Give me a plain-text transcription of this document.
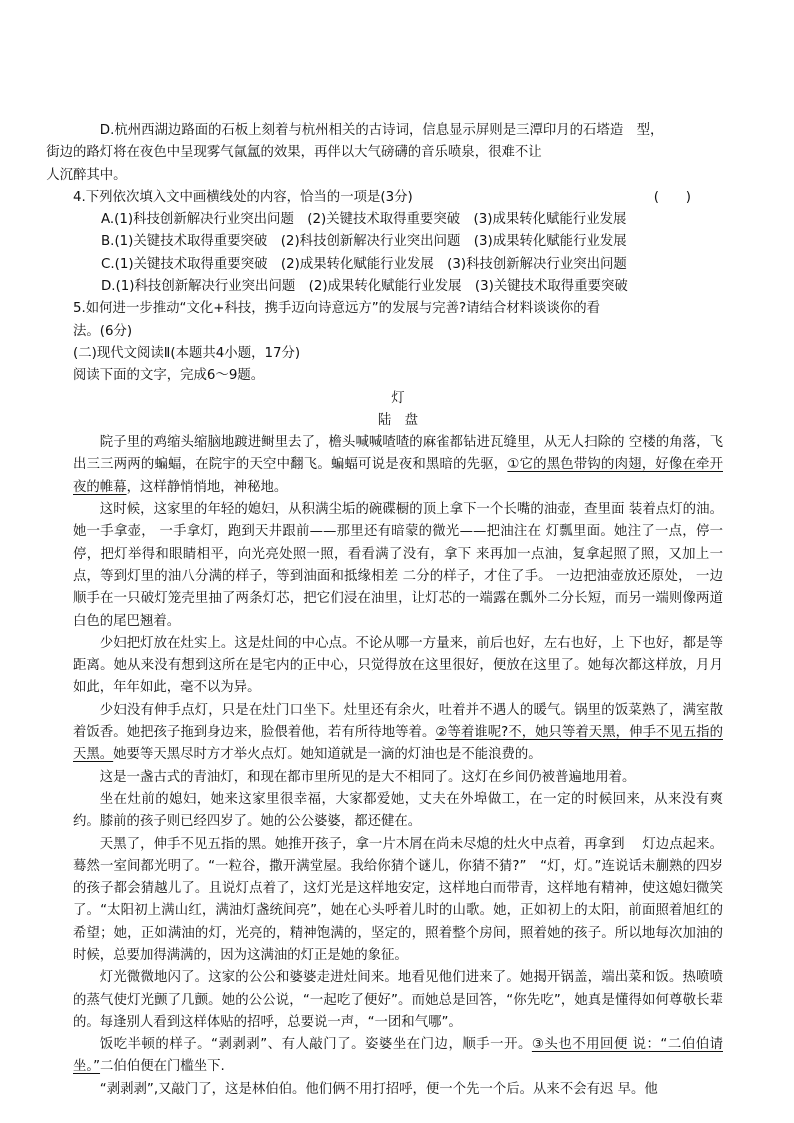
D.杭州西湖边路面的石板上刻着与杭州相关的古诗词，信息显示屏则是三潭印月的石塔造　型，
街边的路灯将在夜色中呈现雾气氤氲的效果，再伴以大气磅礴的音乐喷泉，很难不让
人沉醉其中。

4.下列依次填入文中画横线处的内容，恰当的一项是(3分)	(　　)
A.(1)科技创新解决行业突出问题　(2)关键技术取得重要突破　(3)成果转化赋能行业发展
B.(1)关键技术取得重要突破　(2)科技创新解决行业突出问题　(3)成果转化赋能行业发展
C.(1)关键技术取得重要突破　(2)成果转化赋能行业发展　(3)科技创新解决行业突出问题
D.(1)科技创新解决行业突出问题　(2)成果转化赋能行业发展　(3)关键技术取得重要突破

5.如何进一步推动“文化+科技，携手迈向诗意远方”的发展与完善?请结合材料谈谈你的看
法。(6分)

(二)现代文阅读Ⅱ(本题共4小题，17分)

阅读下面的文字，完成6～9题。

灯

陆　盘

院子里的鸡缩头缩脑地踱进鲥里去了，檐头喊喊喳喳的麻雀都钻进瓦缝里，从无人扫除的 空楼的角落，飞出三三两两的蝙蝠，在院宇的天空中翻飞。蝙蝠可说是夜和黑暗的先驱，①它的黑色带钩的肉翅，好像在牵开夜的帷幕，这样静悄悄地，神秘地。

这时候，这家里的年轻的媳妇，从积满尘垢的碗碟橱的顶上拿下一个长嘴的油壶，查里面 装着点灯的油。她一手拿壶， 一手拿灯，跑到天井跟前——那里还有暗蒙的微光——把油注在 灯瓢里面。她注了一点，停一停，把灯举得和眼睛相平，向光亮处照一照，看看满了没有，拿下 来再加一点油，复拿起照了照，又加上一点，等到灯里的油八分满的样子，等到油面和抵缘相差 二分的样子，才住了手。 一边把油壶放还原处， 一边顺手在一只破灯笼壳里抽了两条灯芯，把它们浸在油里，让灯芯的一端露在瓢外二分长短，而另一端则像两道白色的尾巴翘着。

少妇把灯放在灶实上。这是灶间的中心点。不论从哪一方量来，前后也好，左右也好，上 下也好，都是等距离。她从来没有想到这所在是宅内的正中心，只觉得放在这里很好，便放在这里了。她每次都这样放，月月如此，年年如此，毫不以为异。

少妇没有伸手点灯，只是在灶门口坐下。灶里还有余火，吐着并不遇人的暖气。锅里的饭菜熟了，满室散着饭香。她把孩子拖到身边来，脸偎着他，若有所待地等着。②等着谁呢?不，她只等着天黑，伸手不见五指的天黑。她要等天黑尽时方才举火点灯。她知道就是一滴的灯油也是不能浪费的。

这是一盏古式的青油灯，和现在都市里所见的是大不相同了。这灯在乡间仍被普遍地用着。

坐在灶前的媳妇，她来这家里很幸福，大家都爱她，丈夫在外埠做工，在一定的时候回来，从来没有爽约。膝前的孩子则已经四岁了。她的公公婆婆，都还健在。

天黑了，伸手不见五指的黑。她推开孩子，拿一片木屑在尚未尽熄的灶火中点着，再拿到　 灯边点起来。蓦然一室间都光明了。“一粒谷，撒开满堂屋。我给你猜个谜儿，你猜不猜?”　“灯，灯。”连说话未蒯熟的四岁的孩子都会猜越儿了。且说灯点着了，这灯光是这样地安定，这样地白而带青，这样地有精神，使这媳妇微笑了。“太阳初上满山红，满油灯盏统间亮”，她在心头呼着儿时的山歌。她，正如初上的太阳，前面照着旭红的希望；她，正如满油的灯，光亮的，精神饱满的，坚定的，照着整个房间，照着她的孩子。所以地每次加油的时候，总要加得满满的，因为这满油的灯正是她的象征。

灯光微微地闪了。这家的公公和婆婆走进灶间来。地看见他们进来了。她揭开锅盖，端出菜和饭。热喷喷的蒸气使灯光颤了几颤。她的公公说，“一起吃了便好”。而她总是回答，“你先吃”，她真是懂得如何尊敬长辈的。每逢别人看到这样体贴的招呼，总要说一声，“一团和气哪”。

饭吃半顿的样子。“剥剥剥”、有人敲门了。姿婆坐在门边，顺手一开。③头也不用回便 说：“二伯伯请坐。”二伯伯便在门槛坐下.

“剥剥剥”,又敲门了，这是林伯伯。他们俩不用打招呼，便一个先一个后。从来不会有迟 早。他
